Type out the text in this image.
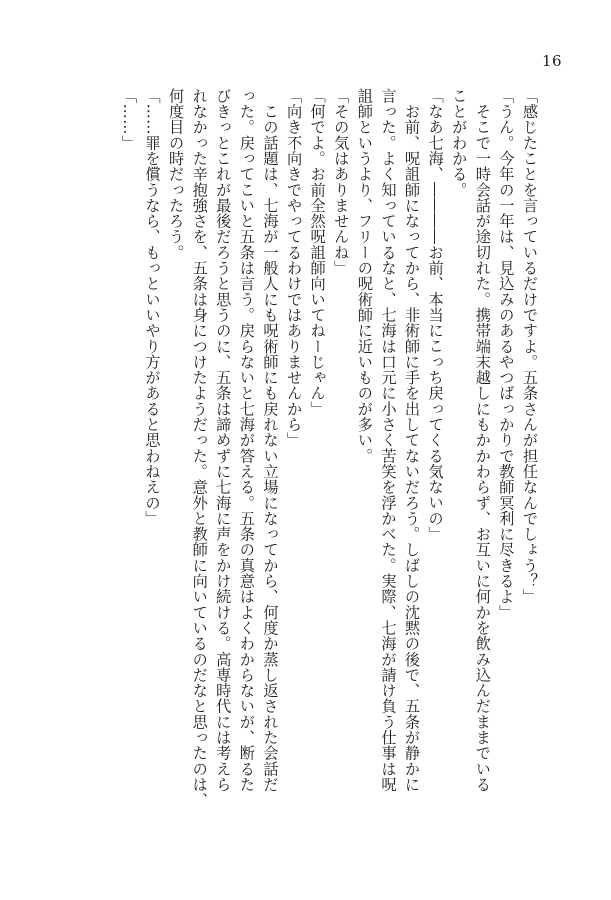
16
「感じたことを言っているだけですよ。五条さんが担任なんでしょう？」
「うん。今年の一年は、見込みのあるやつばっかりで教師冥利に尽きるよ」
　そこで一時会話が途切れた。携帯端末越しにもかかわらず、お互いに何かを飲み込んだままでいる
ことがわかる。
「なあ七海、――――お前、本当にこっち戻ってくる気ないの」
　お前、呪詛師になってから、非術師に手を出してないだろう。しばしの沈黙の後で、五条が静かに
言った。よく知っているなと、七海は口元に小さく苦笑を浮かべた。実際、七海が請け負う仕事は呪
詛師というより、フリーの呪術師に近いものが多い。
「その気はありませんね」
「何でよ。お前全然呪詛師向いてねーじゃん」
「向き不向きでやってるわけではありませんから」
　この話題は、七海が一般人にも呪術師にも戻れない立場になってから、何度か蒸し返された会話だ
った。戻ってこいと五条は言う。戻らないと七海が答える。五条の真意はよくわからないが、断るた
びきっとこれが最後だろうと思うのに、五条は諦めずに七海に声をかけ続ける。高専時代には考えら
れなかった辛抱強さを、五条は身につけたようだった。意外と教師に向いているのだなと思ったのは、
何度目の時だったろう。
「……罪を償うなら、もっといいやり方があると思わねえの」
「……」
